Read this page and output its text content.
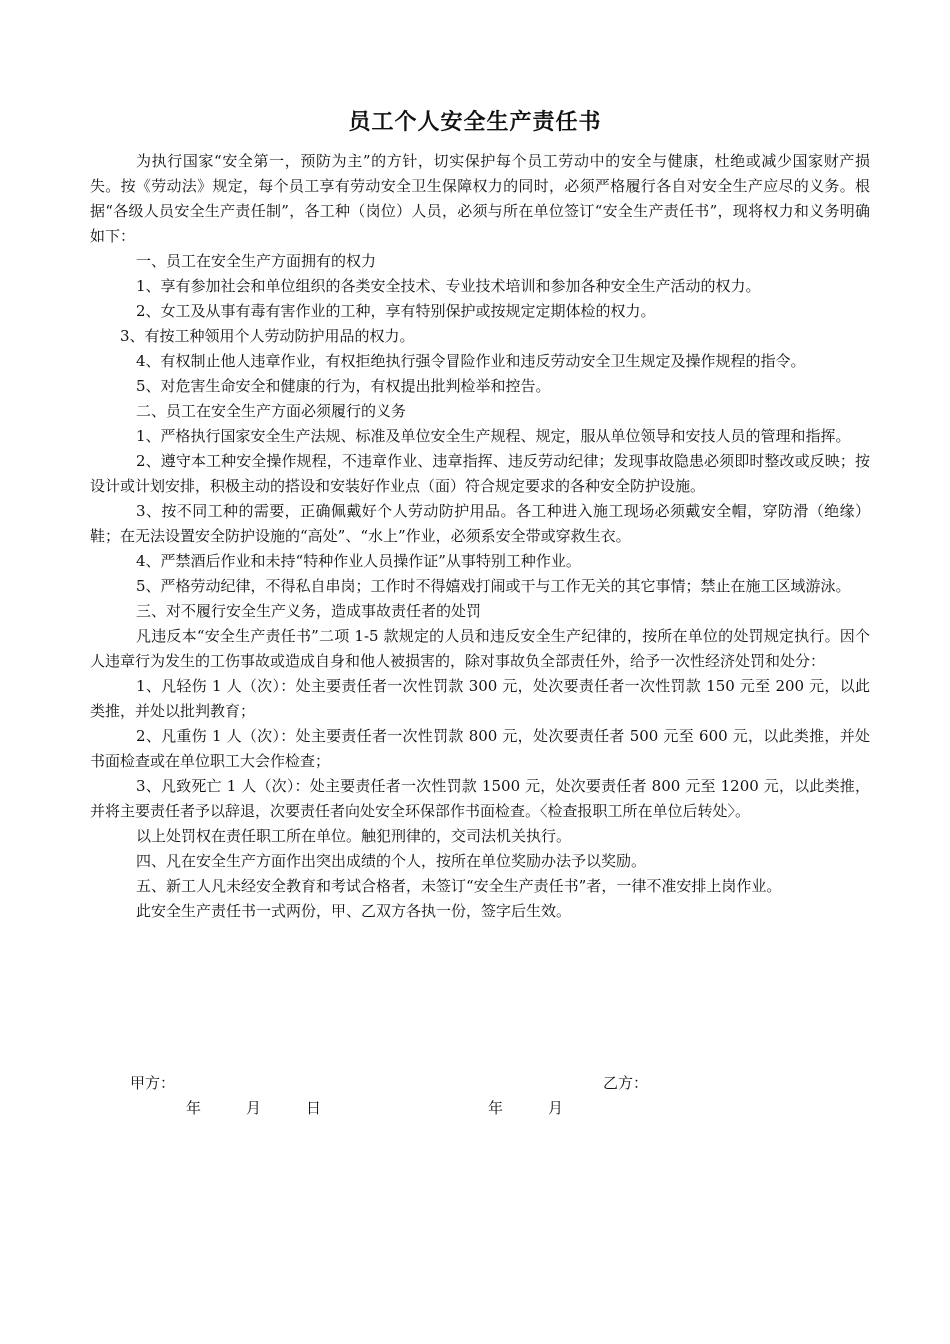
员工个人安全生产责任书

为执行国家“安全第一，预防为主”的方针，切实保护每个员工劳动中的安全与健康，杜绝或减少国家财产损失。按《劳动法》规定，每个员工享有劳动安全卫生保障权力的同时，必须严格履行各自对安全生产应尽的义务。根据“各级人员安全生产责任制”，各工种（岗位）人员，必须与所在单位签订“安全生产责任书”，现将权力和义务明确如下：

一、员工在安全生产方面拥有的权力

1、享有参加社会和单位组织的各类安全技术、专业技术培训和参加各种安全生产活动的权力。

2、女工及从事有毒有害作业的工种，享有特别保护或按规定定期体检的权力。

3、有按工种领用个人劳动防护用品的权力。

4、有权制止他人违章作业，有权拒绝执行强令冒险作业和违反劳动安全卫生规定及操作规程的指令。

5、对危害生命安全和健康的行为，有权提出批判检举和控告。

二、员工在安全生产方面必须履行的义务

1、严格执行国家安全生产法规、标准及单位安全生产规程、规定，服从单位领导和安技人员的管理和指挥。

2、遵守本工种安全操作规程，不违章作业、违章指挥、违反劳动纪律；发现事故隐患必须即时整改或反映；按设计或计划安排，积极主动的搭设和安装好作业点（面）符合规定要求的各种安全防护设施。

3、按不同工种的需要，正确佩戴好个人劳动防护用品。各工种进入施工现场必须戴安全帽，穿防滑（绝缘）鞋；在无法设置安全防护设施的“高处”、“水上”作业，必须系安全带或穿救生衣。

4、严禁酒后作业和未持“特种作业人员操作证”从事特别工种作业。

5、严格劳动纪律，不得私自串岗；工作时不得嬉戏打闹或干与工作无关的其它事情；禁止在施工区域游泳。

三、对不履行安全生产义务，造成事故责任者的处罚

凡违反本“安全生产责任书”二项 1-5 款规定的人员和违反安全生产纪律的，按所在单位的处罚规定执行。因个人违章行为发生的工伤事故或造成自身和他人被损害的，除对事故负全部责任外，给予一次性经济处罚和处分：

1、凡轻伤 1 人（次）：处主要责任者一次性罚款 300 元，处次要责任者一次性罚款 150 元至 200 元，以此类推，并处以批判教育；

2、凡重伤 1 人（次）：处主要责任者一次性罚款 800 元，处次要责任者 500 元至 600 元，以此类推，并处书面检查或在单位职工大会作检查；

3、凡致死亡 1 人（次）：处主要责任者一次性罚款 1500 元，处次要责任者 800 元至 1200 元，以此类推，并将主要责任者予以辞退，次要责任者向处安全环保部作书面检查。〈检查报职工所在单位后转处〉。

以上处罚权在责任职工所在单位。触犯刑律的，交司法机关执行。

四、凡在安全生产方面作出突出成绩的个人，按所在单位奖励办法予以奖励。

五、新工人凡未经安全教育和考试合格者，未签订“安全生产责任书”者，一律不准安排上岗作业。

此安全生产责任书一式两份，甲、乙双方各执一份，签字后生效。

甲方：	乙方：
年　　　月　　　日	年　　　月
